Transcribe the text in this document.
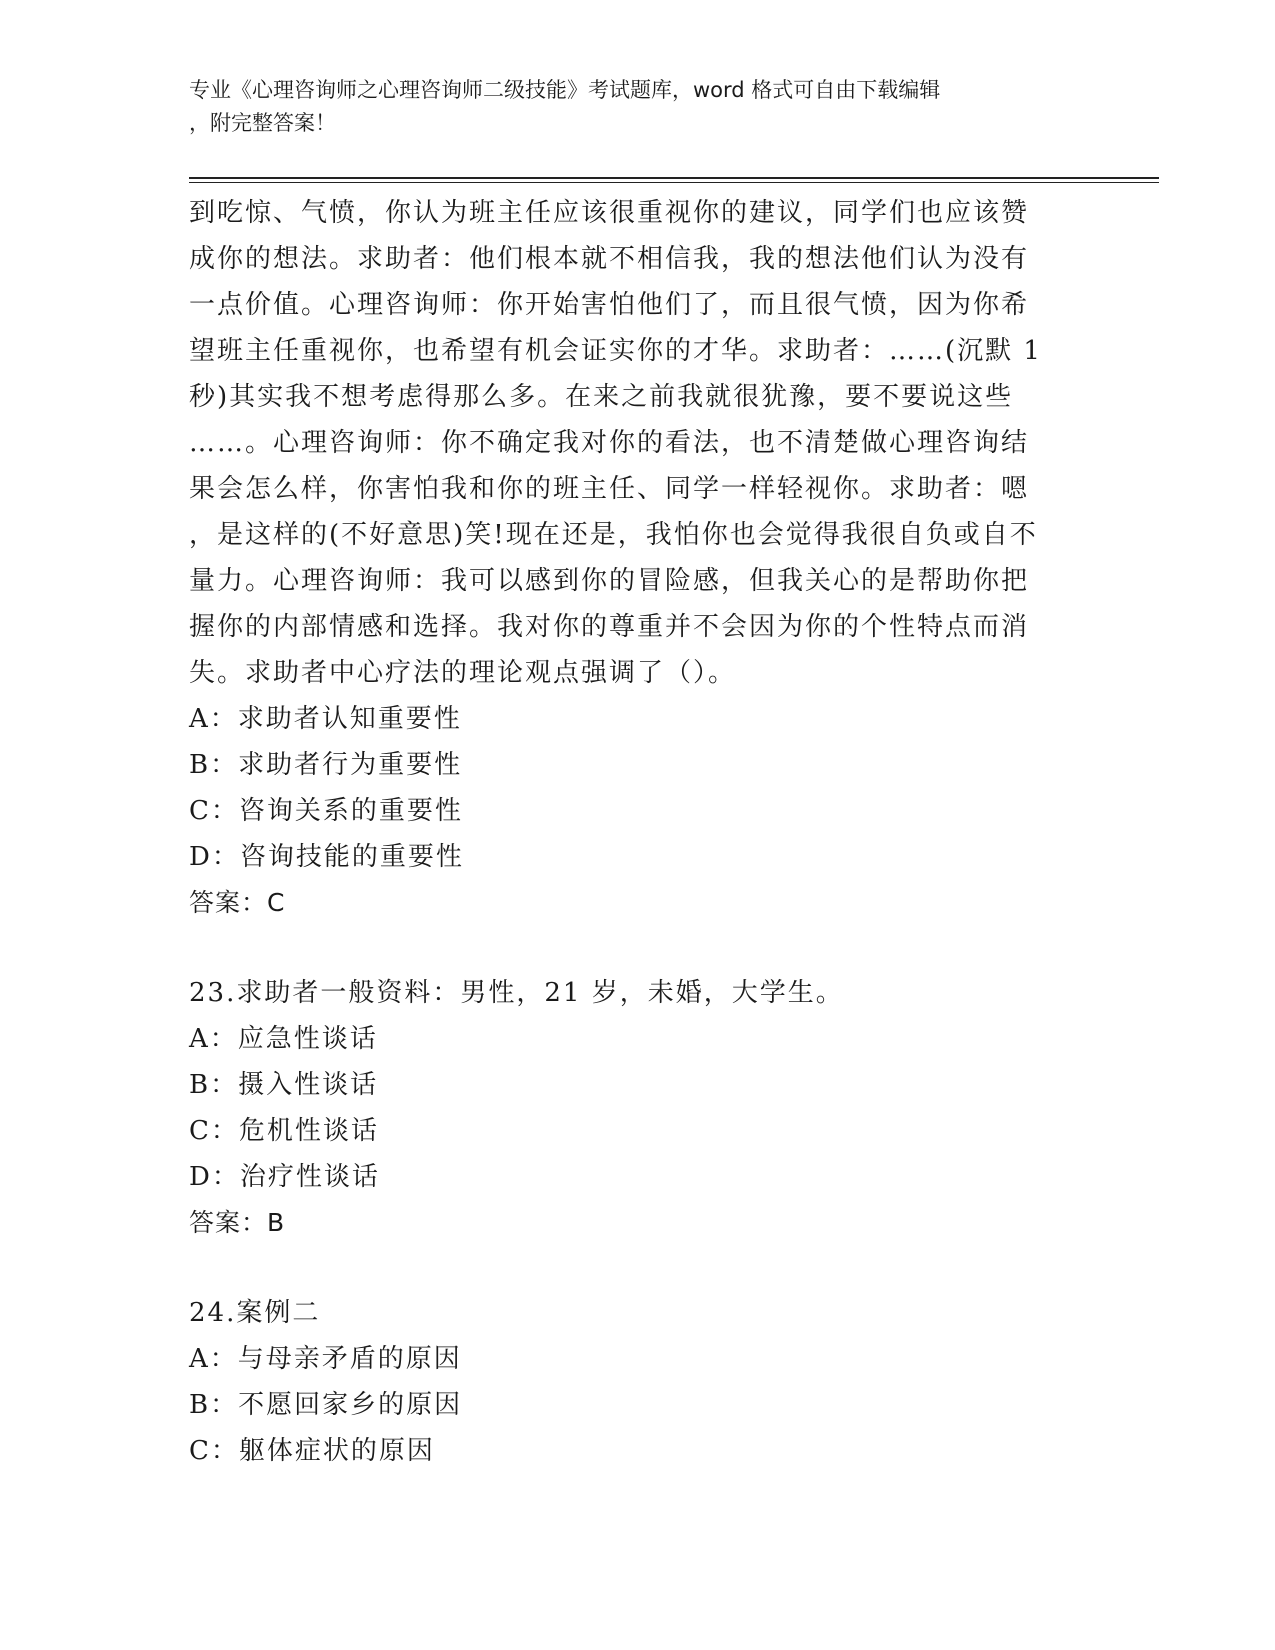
专业《心理咨询师之心理咨询师二级技能》考试题库，word 格式可自由下载编辑
，附完整答案！
到吃惊、气愤，你认为班主任应该很重视你的建议，同学们也应该赞
成你的想法。求助者：他们根本就不相信我，我的想法他们认为没有
一点价值。心理咨询师：你开始害怕他们了，而且很气愤，因为你希
望班主任重视你，也希望有机会证实你的才华。求助者：……(沉默 1
秒)其实我不想考虑得那么多。在来之前我就很犹豫，要不要说这些
……。心理咨询师：你不确定我对你的看法，也不清楚做心理咨询结
果会怎么样，你害怕我和你的班主任、同学一样轻视你。求助者：嗯
，是这样的(不好意思)笑!现在还是，我怕你也会觉得我很自负或自不
量力。心理咨询师：我可以感到你的冒险感，但我关心的是帮助你把
握你的内部情感和选择。我对你的尊重并不会因为你的个性特点而消
失。求助者中心疗法的理论观点强调了（）。
A：求助者认知重要性
B：求助者行为重要性
C：咨询关系的重要性
D：咨询技能的重要性
答案：C
23.求助者一般资料：男性，21 岁，未婚，大学生。
A：应急性谈话
B：摄入性谈话
C：危机性谈话
D：治疗性谈话
答案：B
24.案例二
A：与母亲矛盾的原因
B：不愿回家乡的原因
C：躯体症状的原因
